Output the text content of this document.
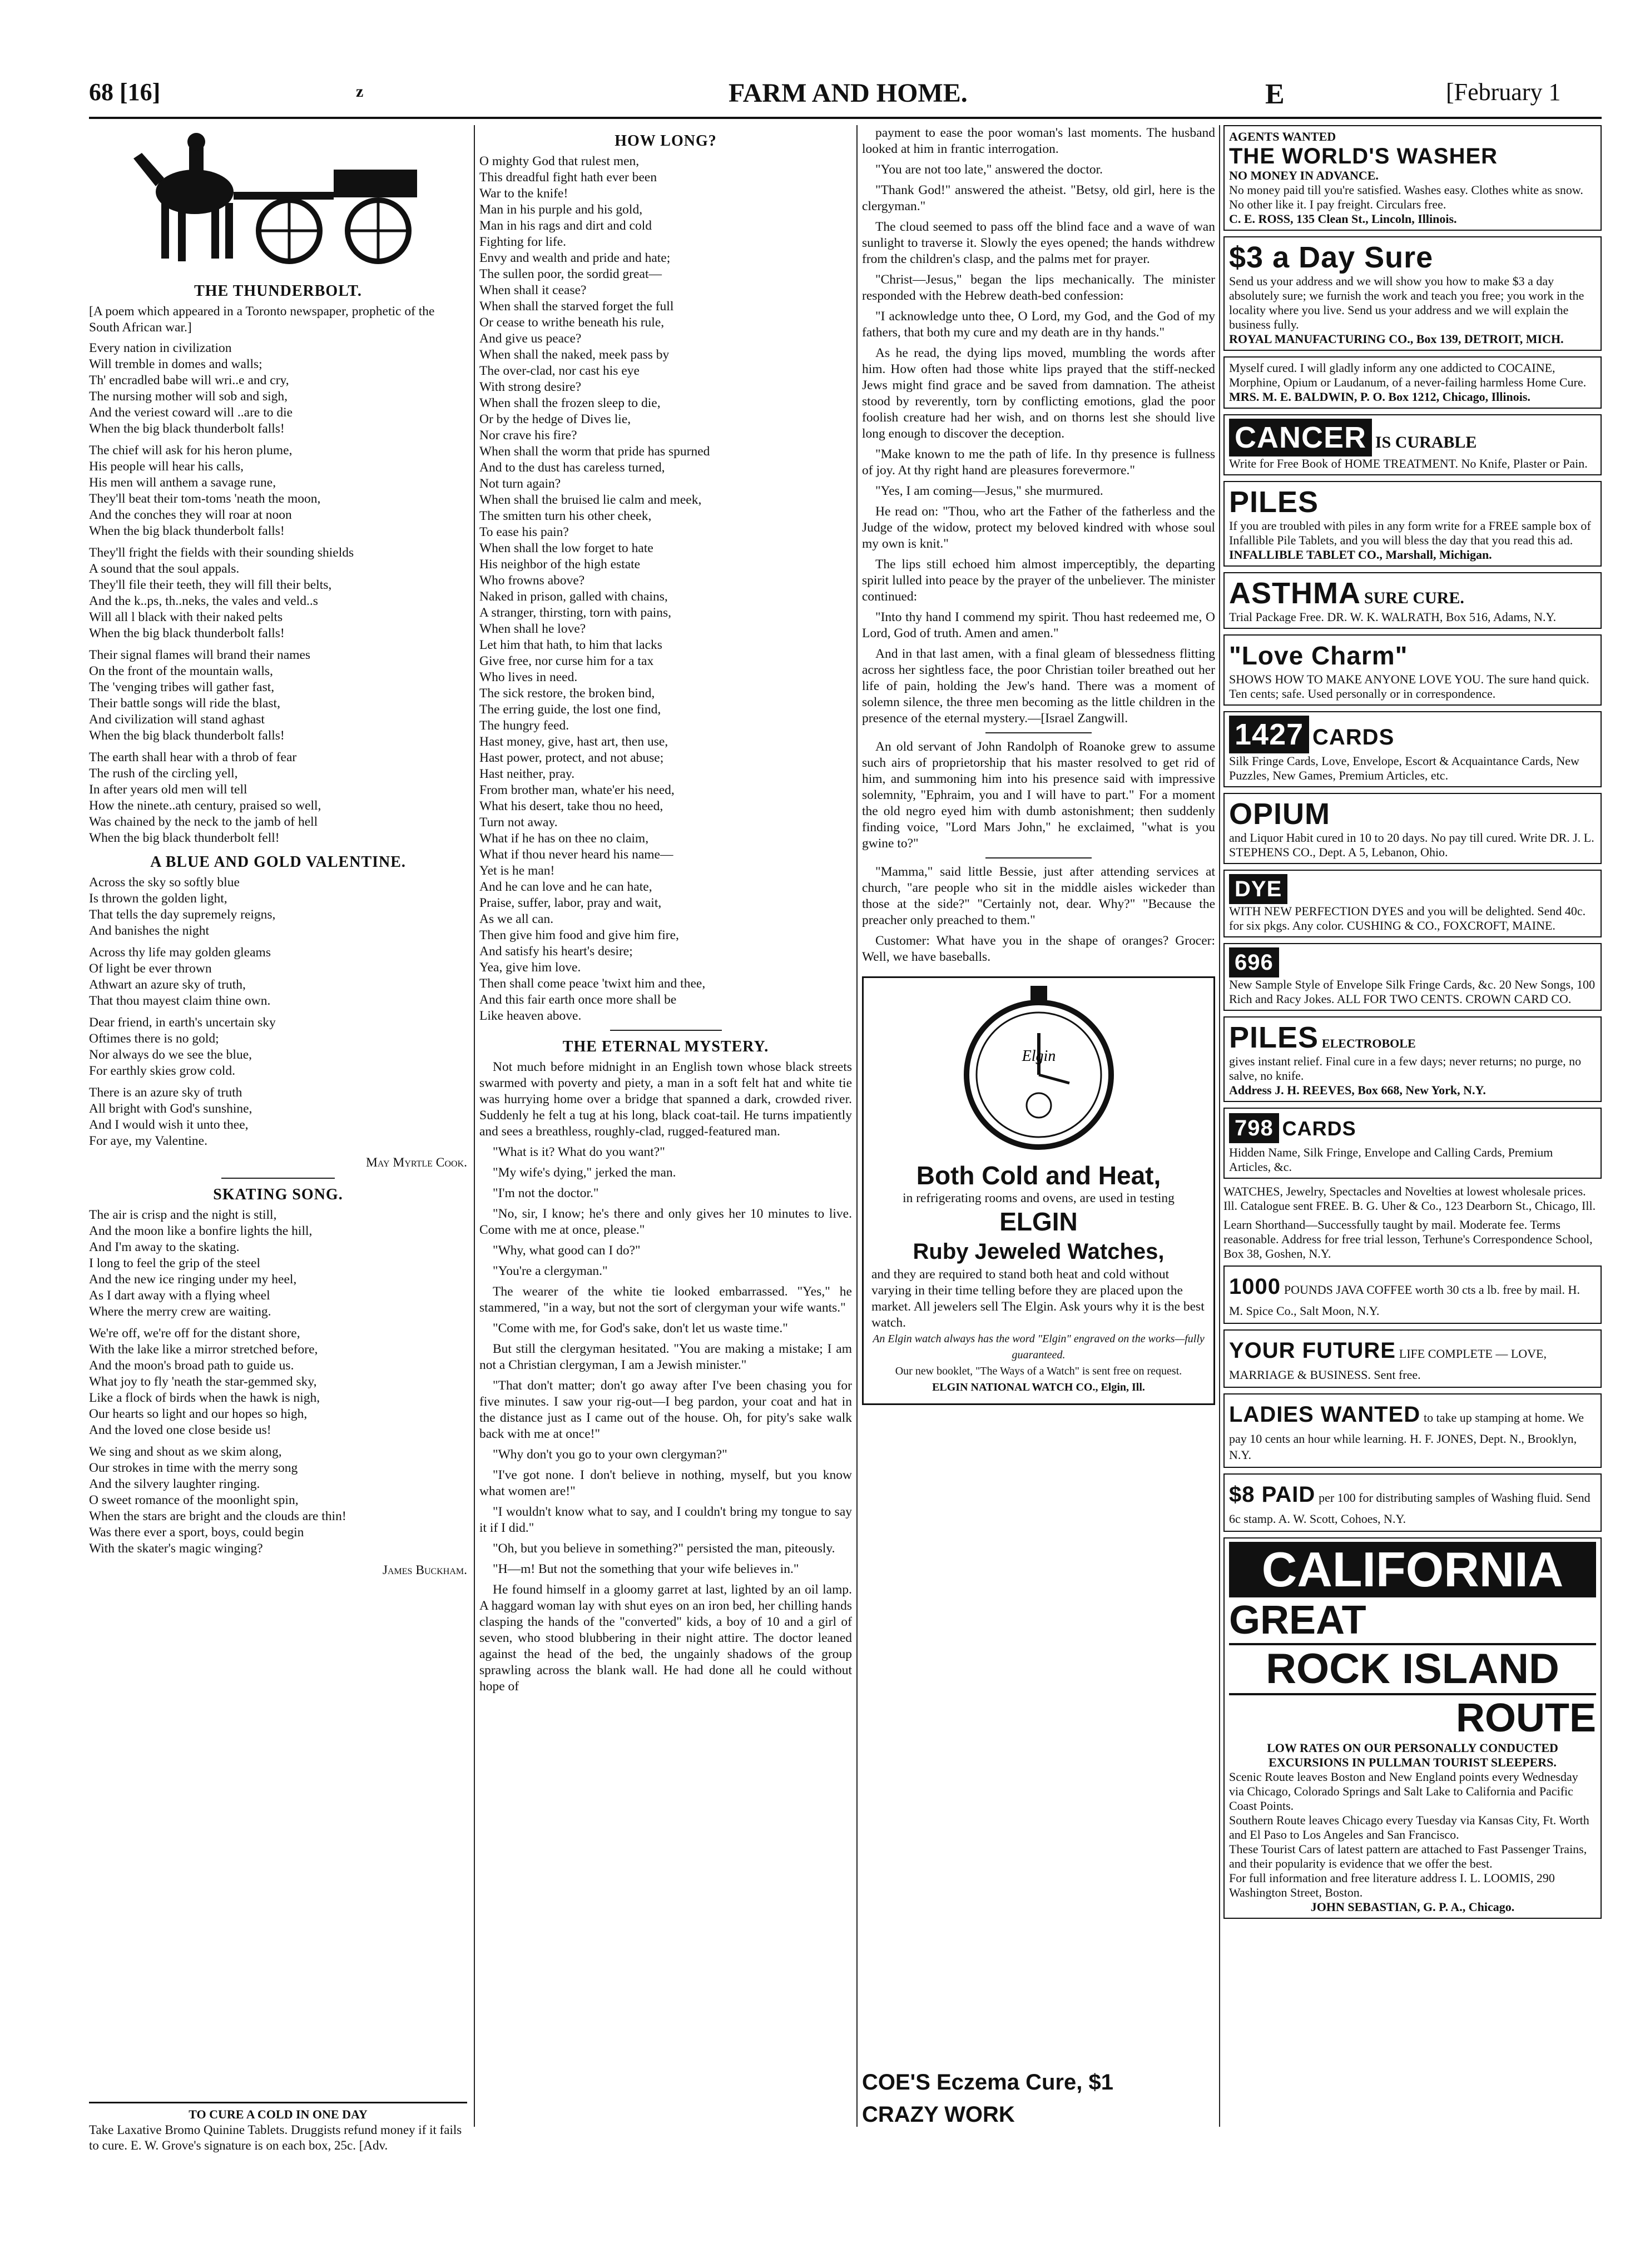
68 [16]	z	FARM AND HOME.	E	[February 1
THE THUNDERBOLT.

[A poem which appeared in a Toronto newspaper, prophetic of the South African war.]

Every nation in civilization

Will tremble in domes and walls;

Th' encradled babe will wri..e and cry,

The nursing mother will sob and sigh,

And the veriest coward will ..are to die

When the big black thunderbolt falls!

The chief will ask for his heron plume,

His people will hear his calls,

His men will anthem a savage rune,

They'll beat their tom-toms 'neath the moon,

And the conches they will roar at noon

When the big black thunderbolt falls!

They'll fright the fields with their sounding shields

A sound that the soul appals.

They'll file their teeth, they will fill their belts,

And the k..ps, th..neks, the vales and veld..s

Will all l black with their naked pelts

When the big black thunderbolt falls!

Their signal flames will brand their names

On the front of the mountain walls,

The 'venging tribes will gather fast,

Their battle songs will ride the blast,

And civilization will stand aghast

When the big black thunderbolt falls!

The earth shall hear with a throb of fear

The rush of the circling yell,

In after years old men will tell

How the ninete..ath century, praised so well,

Was chained by the neck to the jamb of hell

When the big black thunderbolt fell!

A BLUE AND GOLD VALENTINE.

Across the sky so softly blue

Is thrown the golden light,

That tells the day supremely reigns,

And banishes the night

Across thy life may golden gleams

Of light be ever thrown

Athwart an azure sky of truth,

That thou mayest claim thine own.

Dear friend, in earth's uncertain sky

Oftimes there is no gold;

Nor always do we see the blue,

For earthly skies grow cold.

There is an azure sky of truth

All bright with God's sunshine,

And I would wish it unto thee,

For aye, my Valentine.

May Myrtle Cook.
SKATING SONG.

The air is crisp and the night is still,

And the moon like a bonfire lights the hill,

And I'm away to the skating.

I long to feel the grip of the steel

And the new ice ringing under my heel,

As I dart away with a flying wheel

Where the merry crew are waiting.

We're off, we're off for the distant shore,

With the lake like a mirror stretched before,

And the moon's broad path to guide us.

What joy to fly 'neath the star-gemmed sky,

Like a flock of birds when the hawk is nigh,

Our hearts so light and our hopes so high,

And the loved one close beside us!

We sing and shout as we skim along,

Our strokes in time with the merry song

And the silvery laughter ringing.

O sweet romance of the moonlight spin,

When the stars are bright and the clouds are thin!

Was there ever a sport, boys, could begin

With the skater's magic winging?

James Buckham.
TO CURE A COLD IN ONE DAY
Take Laxative Bromo Quinine Tablets. Druggists refund money if it fails to cure. E. W. Grove's signature is on each box, 25c. [Adv.
HOW LONG?

O mighty God that rulest men,

This dreadful fight hath ever been

War to the knife!

Man in his purple and his gold,

Man in his rags and dirt and cold

Fighting for life.

Envy and wealth and pride and hate;

The sullen poor, the sordid great—

When shall it cease?

When shall the starved forget the full

Or cease to writhe beneath his rule,

And give us peace?

When shall the naked, meek pass by

The over-clad, nor cast his eye

With strong desire?

When shall the frozen sleep to die,

Or by the hedge of Dives lie,

Nor crave his fire?

When shall the worm that pride has spurned

And to the dust has careless turned,

Not turn again?

When shall the bruised lie calm and meek,

The smitten turn his other cheek,

To ease his pain?

When shall the low forget to hate

His neighbor of the high estate

Who frowns above?

Naked in prison, galled with chains,

A stranger, thirsting, torn with pains,

When shall he love?

Let him that hath, to him that lacks

Give free, nor curse him for a tax

Who lives in need.

The sick restore, the broken bind,

The erring guide, the lost one find,

The hungry feed.

Hast money, give, hast art, then use,

Hast power, protect, and not abuse;

Hast neither, pray.

From brother man, whate'er his need,

What his desert, take thou no heed,

Turn not away.

What if he has on thee no claim,

What if thou never heard his name—

Yet is he man!

And he can love and he can hate,

Praise, suffer, labor, pray and wait,

As we all can.

Then give him food and give him fire,

And satisfy his heart's desire;

Yea, give him love.

Then shall come peace 'twixt him and thee,

And this fair earth once more shall be

Like heaven above.

THE ETERNAL MYSTERY.

Not much before midnight in an English town whose black streets swarmed with poverty and piety, a man in a soft felt hat and white tie was hurrying home over a bridge that spanned a dark, crowded river. Suddenly he felt a tug at his long, black coat-tail. He turns impatiently and sees a breathless, roughly-clad, rugged-featured man.

"What is it? What do you want?"

"My wife's dying," jerked the man.

"I'm not the doctor."

"No, sir, I know; he's there and only gives her 10 minutes to live. Come with me at once, please."

"Why, what good can I do?"

"You're a clergyman."

The wearer of the white tie looked embarrassed. "Yes," he stammered, "in a way, but not the sort of clergyman your wife wants."

"Come with me, for God's sake, don't let us waste time."

But still the clergyman hesitated. "You are making a mistake; I am not a Christian clergyman, I am a Jewish minister."

"That don't matter; don't go away after I've been chasing you for five minutes. I saw your rig-out—I beg pardon, your coat and hat in the distance just as I came out of the house. Oh, for pity's sake walk back with me at once!"

"Why don't you go to your own clergyman?"

"I've got none. I don't believe in nothing, myself, but you know what women are!"

"I wouldn't know what to say, and I couldn't bring my tongue to say it if I did."

"Oh, but you believe in something?" persisted the man, piteously.

"H—m! But not the something that your wife believes in."

He found himself in a gloomy garret at last, lighted by an oil lamp. A haggard woman lay with shut eyes on an iron bed, her chilling hands clasping the hands of the "converted" kids, a boy of 10 and a girl of seven, who stood blubbering in their night attire. The doctor leaned against the head of the bed, the ungainly shadows of the group sprawling across the blank wall. He had done all he could without hope of

payment to ease the poor woman's last moments. The husband looked at him in frantic interrogation.

"You are not too late," answered the doctor.

"Thank God!" answered the atheist. "Betsy, old girl, here is the clergyman."

The cloud seemed to pass off the blind face and a wave of wan sunlight to traverse it. Slowly the eyes opened; the hands withdrew from the children's clasp, and the palms met for prayer.

"Christ—Jesus," began the lips mechanically. The minister responded with the Hebrew death-bed confession:

"I acknowledge unto thee, O Lord, my God, and the God of my fathers, that both my cure and my death are in thy hands."

As he read, the dying lips moved, mumbling the words after him. How often had those white lips prayed that the stiff-necked Jews might find grace and be saved from damnation. The atheist stood by reverently, torn by conflicting emotions, glad the poor foolish creature had her wish, and on thorns lest she should live long enough to discover the deception.

"Make known to me the path of life. In thy presence is fullness of joy. At thy right hand are pleasures forevermore."

"Yes, I am coming—Jesus," she murmured.

He read on: "Thou, who art the Father of the fatherless and the Judge of the widow, protect my beloved kindred with whose soul my own is knit."

The lips still echoed him almost imperceptibly, the departing spirit lulled into peace by the prayer of the unbeliever. The minister continued:

"Into thy hand I commend my spirit. Thou hast redeemed me, O Lord, God of truth. Amen and amen."

And in that last amen, with a final gleam of blessedness flitting across her sightless face, the poor Christian toiler breathed out her life of pain, holding the Jew's hand. There was a moment of solemn silence, the three men becoming as the little children in the presence of the eternal mystery.—[Israel Zangwill.

An old servant of John Randolph of Roanoke grew to assume such airs of proprietorship that his master resolved to get rid of him, and summoning him into his presence said with impressive solemnity, "Ephraim, you and I will have to part." For a moment the old negro eyed him with dumb astonishment; then suddenly finding voice, "Lord Mars John," he exclaimed, "what is you gwine to?"

"Mamma," said little Bessie, just after attending services at church, "are people who sit in the middle aisles wickeder than those at the side?" "Certainly not, dear. Why?" "Because the preacher only preached to them."

Customer: What have you in the shape of oranges? Grocer: Well, we have baseballs.

Elgin
Both Cold and Heat,
in refrigerating rooms and ovens, are used in testing
ELGIN
Ruby Jeweled Watches,
and they are required to stand both heat and cold without varying in their time telling before they are placed upon the market. All jewelers sell The Elgin. Ask yours why it is the best watch.
An Elgin watch always has the word "Elgin" engraved on the works—fully guaranteed.
Our new booklet, "The Ways of a Watch" is sent free on request.
ELGIN NATIONAL WATCH CO., Elgin, Ill.
COE'S Eczema Cure, $1
CRAZY WORK
AGENTS WANTED
THE WORLD'S WASHER
NO MONEY IN ADVANCE.
No money paid till you're satisfied. Washes easy. Clothes white as snow. No other like it. I pay freight. Circulars free.
C. E. ROSS, 135 Clean St., Lincoln, Illinois.
$3 a Day Sure
Send us your address and we will show you how to make $3 a day absolutely sure; we furnish the work and teach you free; you work in the locality where you live. Send us your address and we will explain the business fully.
ROYAL MANUFACTURING CO., Box 139, DETROIT, MICH.
Myself cured. I will gladly inform any one addicted to COCAINE, Morphine, Opium or Laudanum, of a never-failing harmless Home Cure.
MRS. M. E. BALDWIN, P. O. Box 1212, Chicago, Illinois.
CANCER IS CURABLE
Write for Free Book of HOME TREATMENT. No Knife, Plaster or Pain.
PILES
If you are troubled with piles in any form write for a FREE sample box of Infallible Pile Tablets, and you will bless the day that you read this ad.
INFALLIBLE TABLET CO., Marshall, Michigan.
ASTHMA SURE CURE.
Trial Package Free. DR. W. K. WALRATH, Box 516, Adams, N.Y.
"Love Charm"
SHOWS HOW TO MAKE ANYONE LOVE YOU. The sure hand quick. Ten cents; safe. Used personally or in correspondence.
1427 CARDS
Silk Fringe Cards, Love, Envelope, Escort & Acquaintance Cards, New Puzzles, New Games, Premium Articles, etc.
OPIUM
and Liquor Habit cured in 10 to 20 days. No pay till cured. Write DR. J. L. STEPHENS CO., Dept. A 5, Lebanon, Ohio.
DYE
WITH NEW PERFECTION DYES and you will be delighted. Send 40c. for six pkgs. Any color. CUSHING & CO., FOXCROFT, MAINE.
696
New Sample Style of Envelope Silk Fringe Cards, &c. 20 New Songs, 100 Rich and Racy Jokes. ALL FOR TWO CENTS. CROWN CARD CO.
PILES ELECTROBOLE
gives instant relief. Final cure in a few days; never returns; no purge, no salve, no knife.
Address J. H. REEVES, Box 668, New York, N.Y.
798 CARDS
Hidden Name, Silk Fringe, Envelope and Calling Cards, Premium Articles, &c.
WATCHES, Jewelry, Spectacles and Novelties at lowest wholesale prices. Ill. Catalogue sent FREE. B. G. Uher & Co., 123 Dearborn St., Chicago, Ill.
Learn Shorthand—Successfully taught by mail. Moderate fee. Terms reasonable. Address for free trial lesson, Terhune's Correspondence School, Box 38, Goshen, N.Y.
1000 POUNDS JAVA COFFEE worth 30 cts a lb. free by mail. H. M. Spice Co., Salt Moon, N.Y.
YOUR FUTURE LIFE COMPLETE — LOVE, MARRIAGE & BUSINESS. Sent free.
LADIES WANTED to take up stamping at home. We pay 10 cents an hour while learning. H. F. JONES, Dept. N., Brooklyn, N.Y.
$8 PAID per 100 for distributing samples of Washing fluid. Send 6c stamp. A. W. Scott, Cohoes, N.Y.
CALIFORNIA
GREAT
ROCK ISLAND
ROUTE
LOW RATES ON OUR PERSONALLY CONDUCTED EXCURSIONS IN PULLMAN TOURIST SLEEPERS.
Scenic Route leaves Boston and New England points every Wednesday via Chicago, Colorado Springs and Salt Lake to California and Pacific Coast Points.
Southern Route leaves Chicago every Tuesday via Kansas City, Ft. Worth and El Paso to Los Angeles and San Francisco.
These Tourist Cars of latest pattern are attached to Fast Passenger Trains, and their popularity is evidence that we offer the best.
For full information and free literature address I. L. LOOMIS, 290 Washington Street, Boston.
JOHN SEBASTIAN, G. P. A., Chicago.
